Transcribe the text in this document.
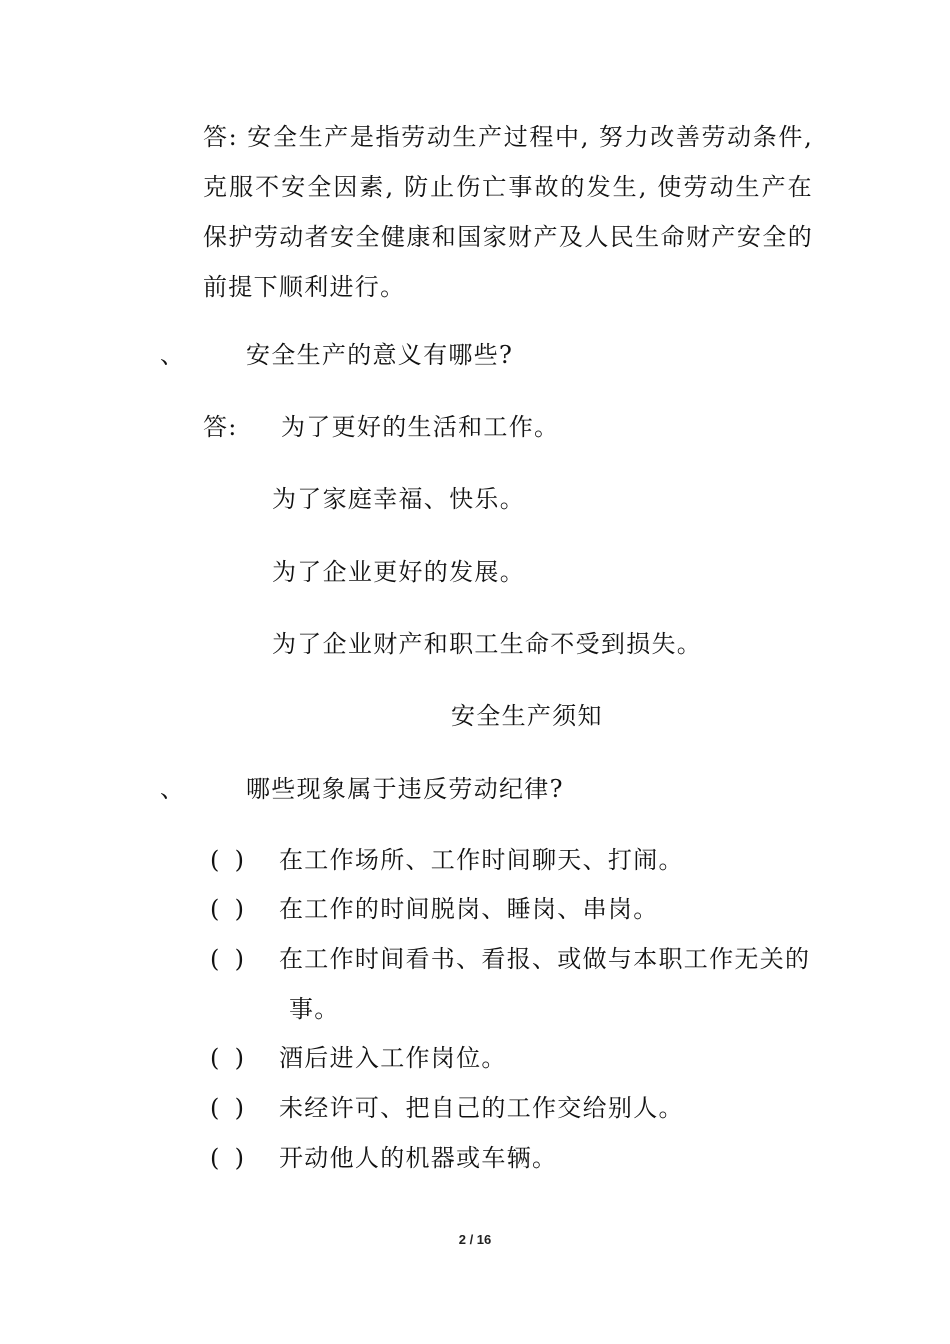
答: 安全生产是指劳动生产过程中, 努力改善劳动条件, 克服不安全因素, 防止伤亡事故的发生, 使劳动生产在保护劳动者安全健康和国家财产及人民生命财产安全的前提下顺利进行。
、	安全生产的意义有哪些?
答: 为了更好的生活和工作。
为了家庭幸福、快乐。
为了企业更好的发展。
为了企业财产和职工生命不受到损失。
安全生产须知
、	哪些现象属于违反劳动纪律?
(  ) 在工作场所、工作时间聊天、打闹。
(  ) 在工作的时间脱岗、睡岗、串岗。
(  ) 在工作时间看书、看报、或做与本职工作无关的
事。
(  ) 酒后进入工作岗位。
(  ) 未经许可、把自己的工作交给别人。
(  ) 开动他人的机器或车辆。
2 / 16
